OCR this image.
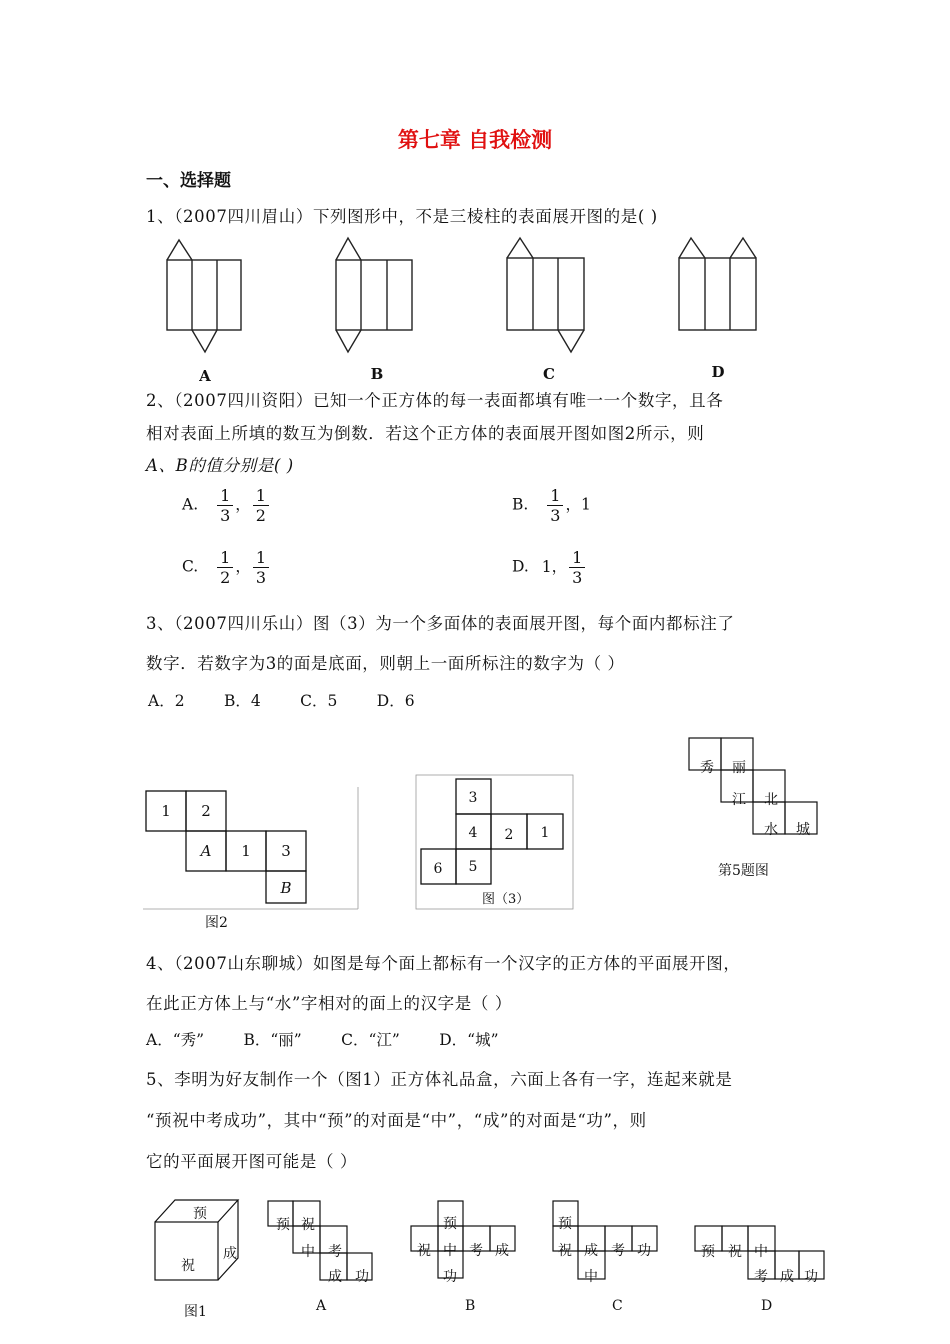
第七章 自我检测
一、选择题
1、（2007四川眉山）下列图形中，不是三棱柱的表面展开图的是( )
A	B	C	D
2、（2007四川资阳）已知一个正方体的每一表面都填有唯一一个数字，且各
相对表面上所填的数互为倒数．若这个正方体的表面展开图如图2所示，则
A、B的值分别是( )
A. $\frac{1}{3}$ ， $\frac{1}{2}$	B. $\frac{1}{3}$ ，1
C. $\frac{1}{2}$ ， $\frac{1}{3}$	D. 1， $\frac{1}{3}$
3、（2007四川乐山）图（3）为一个多面体的表面展开图，每个面内都标注了
数字．若数字为3的面是底面，则朝上一面所标注的数字为（ ）
A．2        B．4        C．5        D．6
1 2
A 1 3
B
图2
3
4 2 1
6 5
图（3）
秀 丽
江 北
水 城
第5题图
4、（2007山东聊城）如图是每个面上都标有一个汉字的正方体的平面展开图，
在此正方体上与“水”字相对的面上的汉字是（ ）
A．“秀”        B．“丽”        C．“江”        D．“城”
5、李明为好友制作一个（图1）正方体礼品盒，六面上各有一字，连起来就是
“预祝中考成功”，其中“预”的对面是“中”，“成”的对面是“功”，则
它的平面展开图可能是（ ）
预
祝
成
预 祝
中 考
成 功
预
祝 中 考 成
功
预
祝 成 考 功
中
预 祝 中
考 成 功
图1	A	B	C	D
